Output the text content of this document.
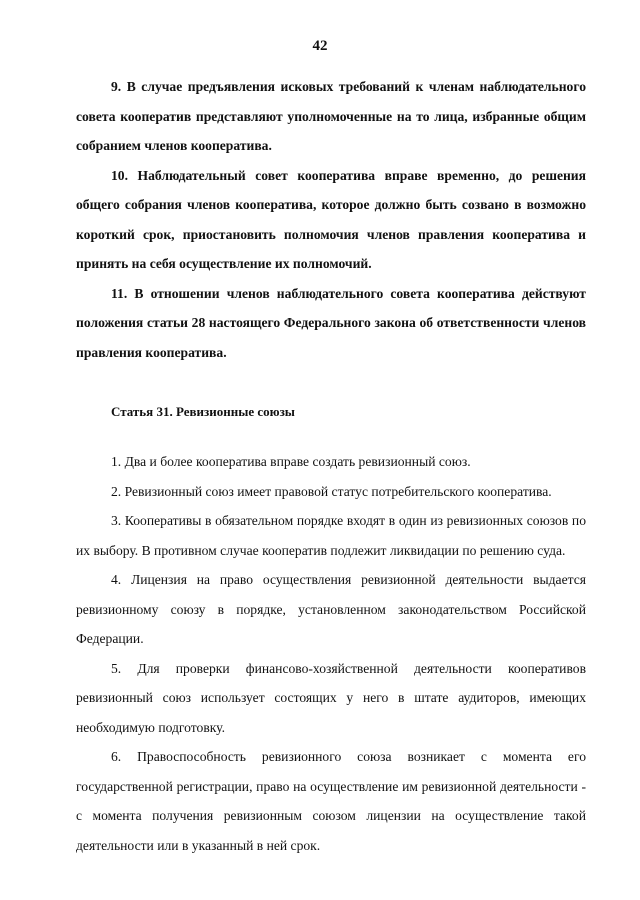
42

9. В случае предъявления исковых требований к членам наблюдательного совета кооператив представляют уполномоченные на то лица, избранные общим собранием членов кооператива.

10. Наблюдательный совет кооператива вправе временно, до решения общего собрания членов кооператива, которое должно быть созвано в возможно короткий срок, приостановить полномочия членов правления кооператива и принять на себя осуществление их полномочий.

11. В отношении членов наблюдательного совета кооператива действуют положения статьи 28 настоящего Федерального закона об ответственности членов правления кооператива.

Статья 31. Ревизионные союзы

1. Два и более кооператива вправе создать ревизионный союз.

2. Ревизионный союз имеет правовой статус потребительского кооператива.

3. Кооперативы в обязательном порядке входят в один из ревизионных союзов по их выбору. В противном случае кооператив подлежит ликвидации по решению суда.

4. Лицензия на право осуществления ревизионной деятельности выдается ревизионному союзу в порядке, установленном законодательством Российской Федерации.

5. Для проверки финансово-хозяйственной деятельности кооперативов ревизионный союз использует состоящих у него в штате аудиторов, имеющих необходимую подготовку.

6. Правоспособность ревизионного союза возникает с момента его государственной регистрации, право на осуществление им ревизионной деятельности - с момента получения ревизионным союзом лицензии на осуществление такой деятельности или в указанный в ней срок.
